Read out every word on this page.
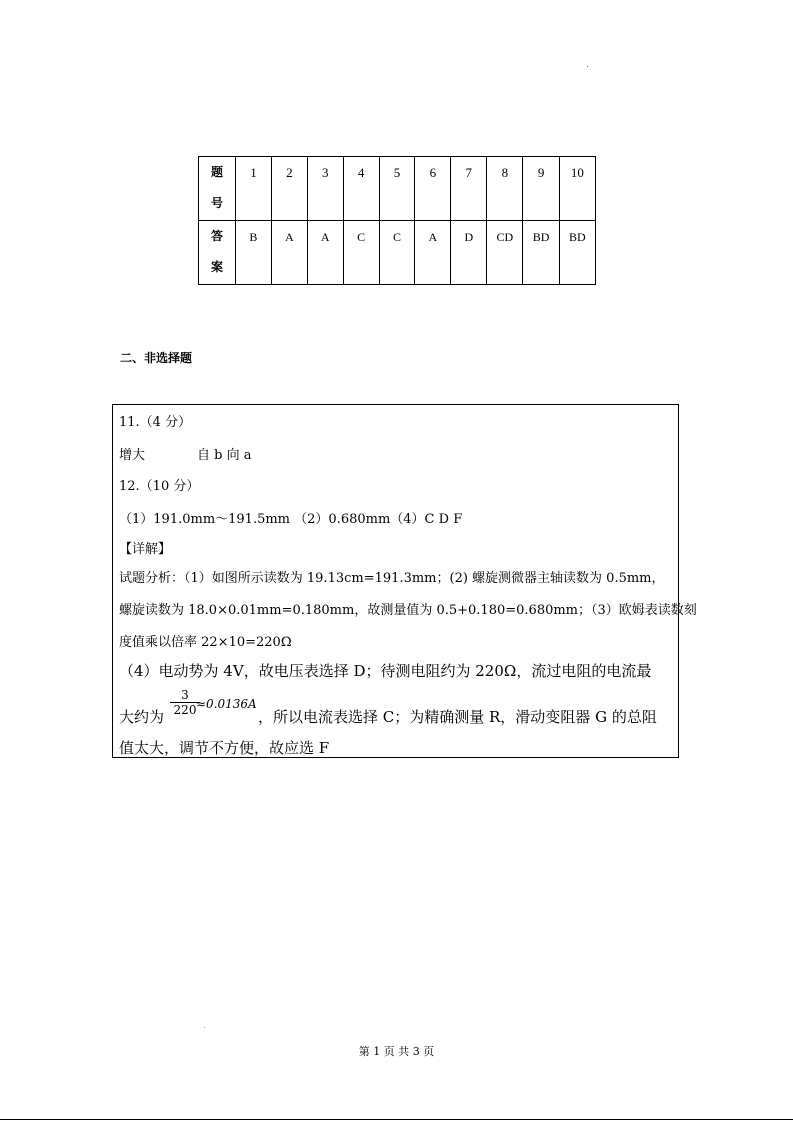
题
号	1	2	3	4	5	6	7	8	9	10

答
案	B	A	A	C	C	A	D	CD	BD	BD
二、非选择题
11.（4 分）
增大	自 b 向 a
12.（10 分）
（1）191.0mm～191.5mm （2）0.680mm（4）C D F
【详解】
试题分析：（1）如图所示读数为 19.13cm=191.3mm；(2) 螺旋测微器主轴读数为 0.5mm，
螺旋读数为 18.0×0.01mm=0.180mm，故测量值为 0.5+0.180=0.680mm；（3）欧姆表读数刻
度值乘以倍率 22×10=220Ω
（4）电动势为 4V，故电压表选择 D；待测电阻约为 220Ω，流过电阻的电流最
大约为 $\frac{3}{220}$
≈0.0136A
，所以电流表选择 C；为精确测量 R，滑动变阻器 G 的总阻
值太大，调节不方便，故应选 F
第 1 页 共 3 页
